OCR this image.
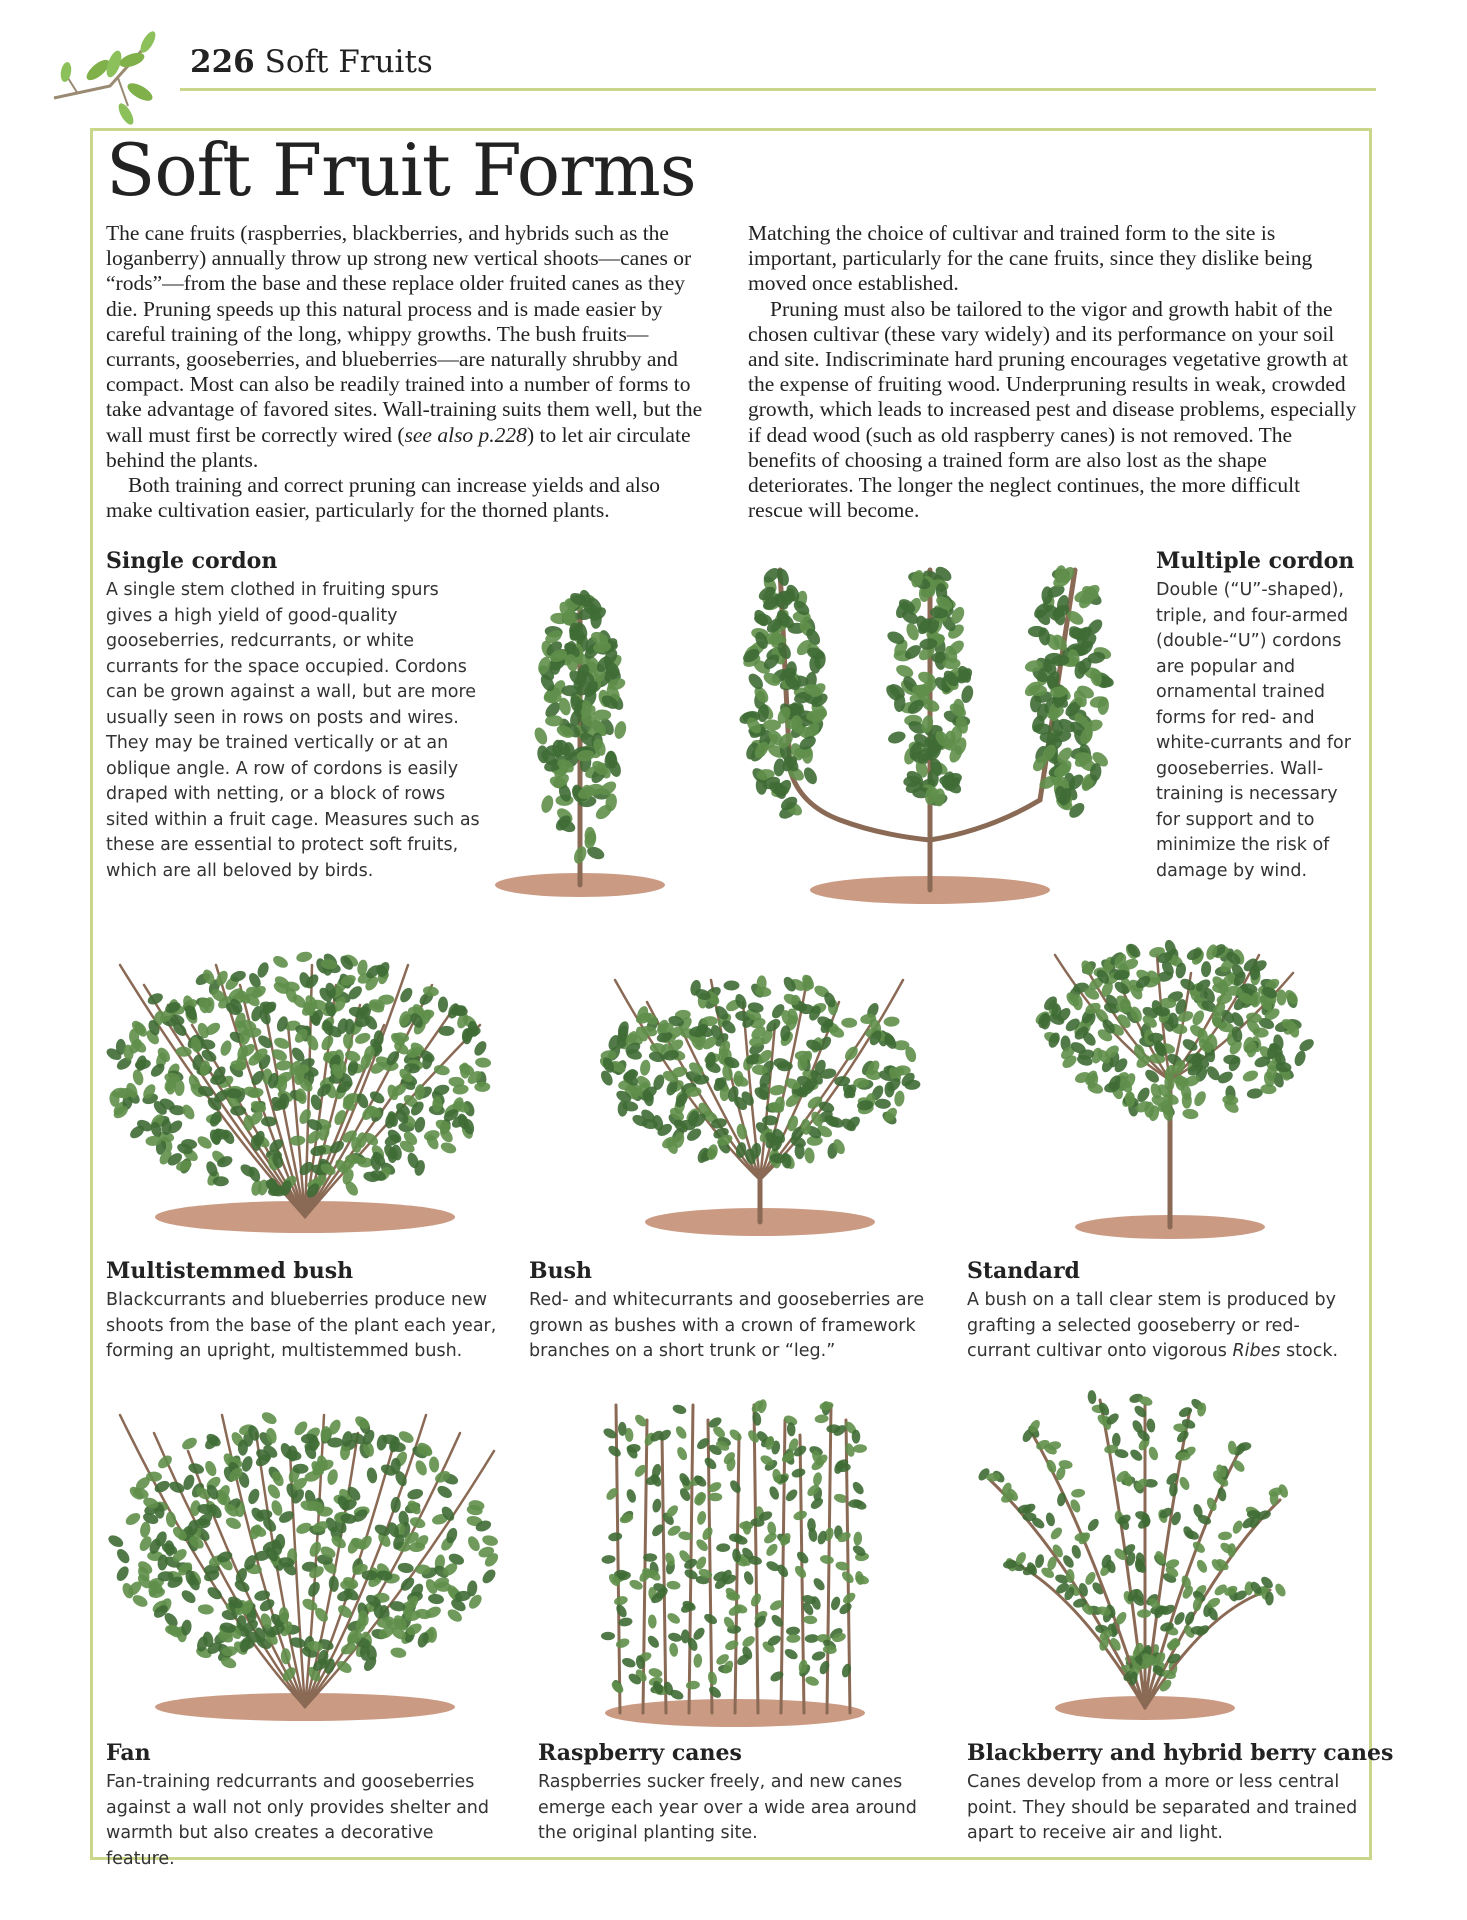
226 Soft Fruits
Soft Fruit Forms

The cane fruits (raspberries, blackberries, and hybrids such as the loganberry) annually throw up strong new vertical shoots—canes or “rods”—from the base and these replace older fruited canes as they die. Pruning speeds up this natural process and is made easier by careful training of the long, whippy growths. The bush fruits—currants, gooseberries, and blueberries—are naturally shrubby and compact. Most can also be readily trained into a number of forms to take advantage of favored sites. Wall-training suits them well, but the wall must first be correctly wired (see also p.228) to let air circulate behind the plants.

Both training and correct pruning can increase yields and also make cultivation easier, particularly for the thorned plants.

Matching the choice of cultivar and trained form to the site is important, particularly for the cane fruits, since they dislike being moved once established.

Pruning must also be tailored to the vigor and growth habit of the chosen cultivar (these vary widely) and its performance on your soil and site. Indiscriminate hard pruning encourages vegetative growth at the expense of fruiting wood. Underpruning results in weak, crowded growth, which leads to increased pest and disease problems, especially if dead wood (such as old raspberry canes) is not removed. The benefits of choosing a trained form are also lost as the shape deteriorates. The longer the neglect continues, the more difficult rescue will become.

Single cordon
A single stem clothed in fruiting spurs gives a high yield of good-quality gooseberries, redcurrants, or white currants for the space occupied. Cordons can be grown against a wall, but are more usually seen in rows on posts and wires. They may be trained vertically or at an oblique angle. A row of cordons is easily draped with netting, or a block of rows sited within a fruit cage. Measures such as these are essential to protect soft fruits, which are all beloved by birds.
Multiple cordon
Double (“U”-shaped), triple, and four-armed (double-“U”) cordons are popular and ornamental trained forms for red- and white-currants and for gooseberries. Wall-training is necessary for support and to minimize the risk of damage by wind.
Multistemmed bush
Blackcurrants and blueberries produce new shoots from the base of the plant each year, forming an upright, multistemmed bush.
Bush
Red- and whitecurrants and gooseberries are grown as bushes with a crown of framework branches on a short trunk or “leg.”
Standard
A bush on a tall clear stem is produced by grafting a selected gooseberry or red-currant cultivar onto vigorous Ribes stock.
Fan
Fan-training redcurrants and gooseberries against a wall not only provides shelter and warmth but also creates a decorative feature.
Raspberry canes
Raspberries sucker freely, and new canes emerge each year over a wide area around the original planting site.
Blackberry and hybrid berry canes
Canes develop from a more or less central point. They should be separated and trained apart to receive air and light.
